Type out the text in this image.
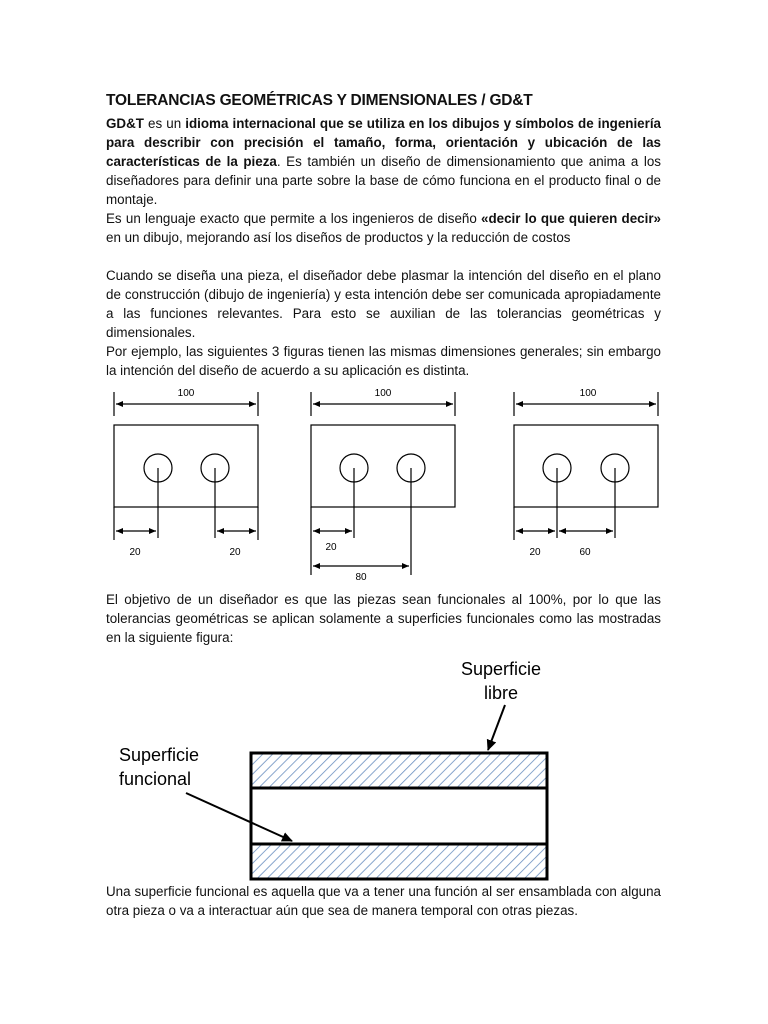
TOLERANCIAS GEOMÉTRICAS Y DIMENSIONALES / GD&T
GD&T es un idioma internacional que se utiliza en los dibujos y símbolos de ingeniería para describir con precisión el tamaño, forma, orientación y ubicación de las características de la pieza. Es también un diseño de dimensionamiento que anima a los diseñadores para definir una parte sobre la base de cómo funciona en el producto final o de montaje.
Es un lenguaje exacto que permite a los ingenieros de diseño «decir lo que quieren decir» en un dibujo, mejorando así los diseños de productos y la reducción de costos
Cuando se diseña una pieza, el diseñador debe plasmar la intención del diseño en el plano de construcción (dibujo de ingeniería) y esta intención debe ser comunicada apropiadamente a las funciones relevantes. Para esto se auxilian de las tolerancias geométricas y dimensionales.
Por ejemplo, las siguientes 3 figuras tienen las mismas dimensiones generales; sin embargo la intención del diseño de acuerdo a su aplicación es distinta.
100
20	20
100
20
80
100
20	60
El objetivo de un diseñador es que las piezas sean funcionales al 100%, por lo que las tolerancias geométricas se aplican solamente a superficies funcionales como las mostradas en la siguiente figura:
Superficie
libre
Superficie
funcional
Una superficie funcional es aquella que va a tener una función al ser ensamblada con alguna otra pieza o va a interactuar aún que sea de manera temporal con otras piezas.
